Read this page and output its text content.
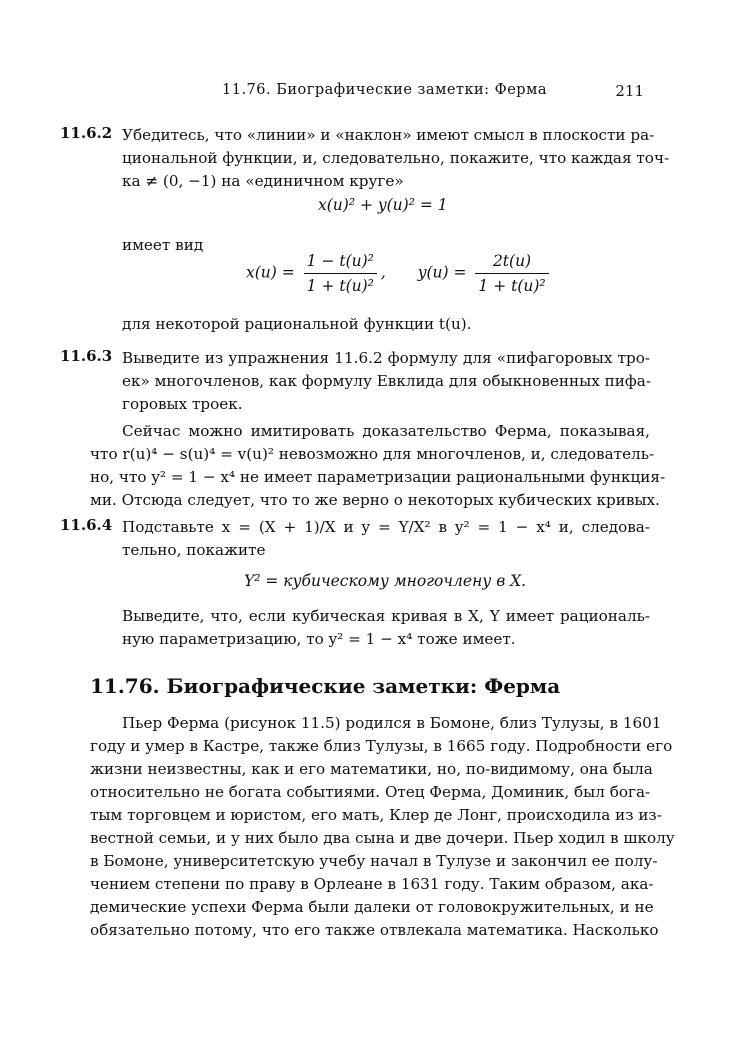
11.76. Биографические заметки: Ферма	211
11.6.2 Убедитесь, что «линии» и «наклон» имеют смысл в плоскости ра-
циональной функции, и, следовательно, покажите, что каждая точ-
ка ≠ (0, −1) на «единичном круге»
x(u)² + y(u)² = 1
имеет вид
$x(u) = \frac{\text{1 − t(u)²}}{\text{1 + t(u)²}}$ , $y(u) = \frac{2t(u)}{\text{1 + t(u)²}}$
для некоторой рациональной функции t(u).
11.6.3 Выведите из упражнения 11.6.2 формулу для «пифагоровых тро-
ек» многочленов, как формулу Евклида для обыкновенных пифа-
горовых троек.
Сейчас можно имитировать доказательство Ферма, показывая,
что r(u)⁴ − s(u)⁴ = v(u)² невозможно для многочленов, и, следователь-
но, что y² = 1 − x⁴ не имеет параметризации рациональными функция-
ми. Отсюда следует, что то же верно о некоторых кубических кривых.
11.6.4 Подставьте x = (X + 1)/X и y = Y/X² в y² = 1 − x⁴ и, следова-
тельно, покажите
Y² = кубическому многочлену в X.
Выведите, что, если кубическая кривая в X, Y имеет рациональ-
ную параметризацию, то y² = 1 − x⁴ тоже имеет.
11.76. Биографические заметки: Ферма
Пьер Ферма (рисунок 11.5) родился в Бомоне, близ Тулузы, в 1601
году и умер в Кастре, также близ Тулузы, в 1665 году. Подробности его
жизни неизвестны, как и его математики, но, по-видимому, она была
относительно не богата событиями. Отец Ферма, Доминик, был бога-
тым торговцем и юристом, его мать, Клер де Лонг, происходила из из-
вестной семьи, и у них было два сына и две дочери. Пьер ходил в школу
в Бомоне, университетскую учебу начал в Тулузе и закончил ее полу-
чением степени по праву в Орлеане в 1631 году. Таким образом, ака-
демические успехи Ферма были далеки от головокружительных, и не
обязательно потому, что его также отвлекала математика. Насколько
